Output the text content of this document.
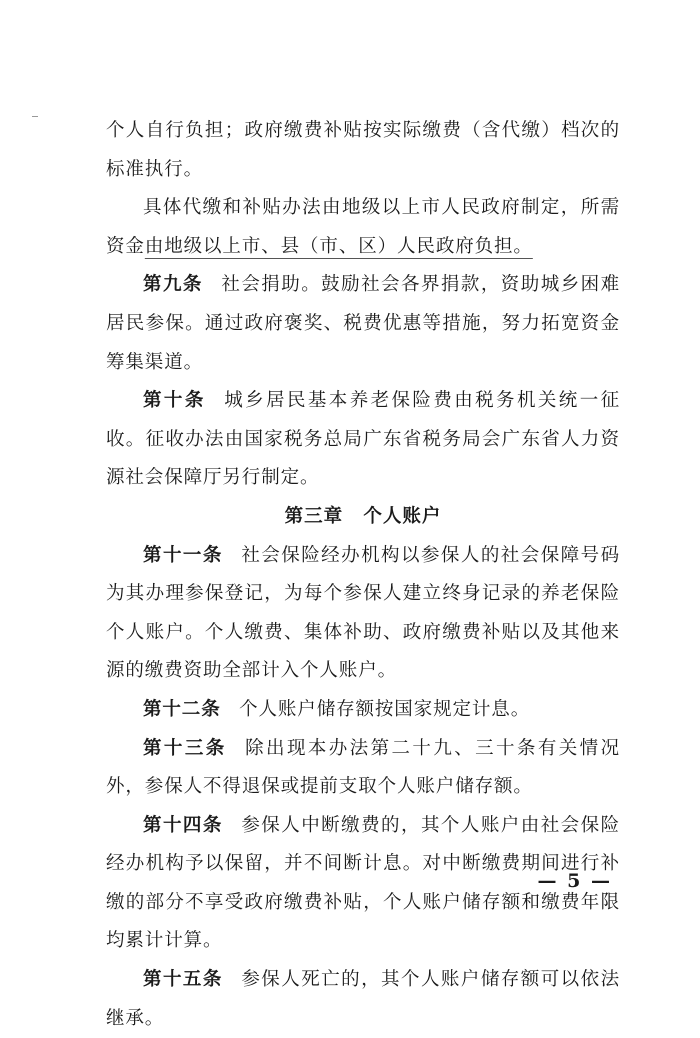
个人自行负担；政府缴费补贴按实际缴费（含代缴）档次的标准执行。

具体代缴和补贴办法由地级以上市人民政府制定，所需资金由地级以上市、县（市、区）人民政府负担。

第九条 社会捐助。鼓励社会各界捐款，资助城乡困难居民参保。通过政府褒奖、税费优惠等措施，努力拓宽资金筹集渠道。

第十条 城乡居民基本养老保险费由税务机关统一征收。征收办法由国家税务总局广东省税务局会广东省人力资源社会保障厅另行制定。

第三章 个人账户

第十一条 社会保险经办机构以参保人的社会保障号码为其办理参保登记，为每个参保人建立终身记录的养老保险个人账户。个人缴费、集体补助、政府缴费补贴以及其他来源的缴费资助全部计入个人账户。

第十二条 个人账户储存额按国家规定计息。

第十三条 除出现本办法第二十九、三十条有关情况外，参保人不得退保或提前支取个人账户储存额。

第十四条 参保人中断缴费的，其个人账户由社会保险经办机构予以保留，并不间断计息。对中断缴费期间进行补缴的部分不享受政府缴费补贴，个人账户储存额和缴费年限均累计计算。

第十五条 参保人死亡的，其个人账户储存额可以依法继承。

— 5 —
